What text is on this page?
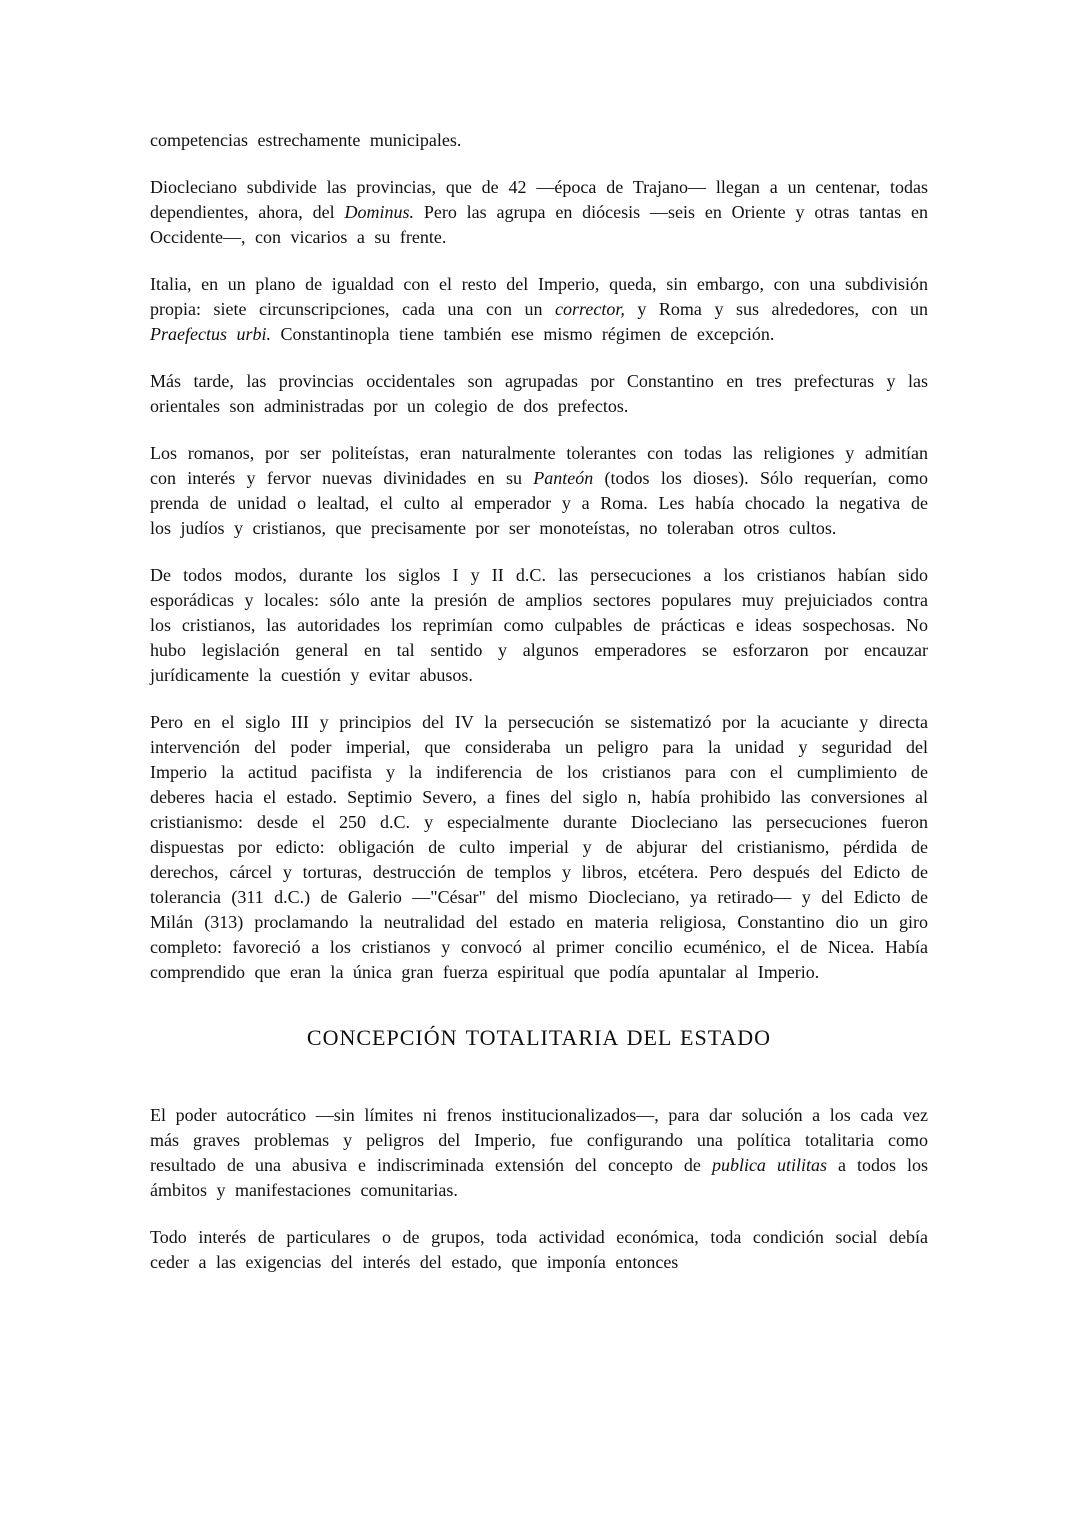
competencias estrechamente municipales.

Diocleciano subdivide las provincias, que de 42 —época de Trajano— llegan a un centenar, todas dependientes, ahora, del Dominus. Pero las agrupa en diócesis —seis en Oriente y otras tantas en Occidente—, con vicarios a su frente.

Italia, en un plano de igualdad con el resto del Imperio, queda, sin embargo, con una subdivisión propia: siete circunscripciones, cada una con un corrector, y Roma y sus alrededores, con un Praefectus urbi. Constantinopla tiene también ese mismo régimen de excepción.

Más tarde, las provincias occidentales son agrupadas por Constantino en tres prefecturas y las orientales son administradas por un colegio de dos prefectos.

Los romanos, por ser politeístas, eran naturalmente tolerantes con todas las religiones y admitían con interés y fervor nuevas divinidades en su Panteón (todos los dioses). Sólo requerían, como prenda de unidad o lealtad, el culto al emperador y a Roma. Les había chocado la negativa de los judíos y cristianos, que precisamente por ser monoteístas, no toleraban otros cultos.

De todos modos, durante los siglos I y II d.C. las persecuciones a los cristianos habían sido esporádicas y locales: sólo ante la presión de amplios sectores populares muy prejuiciados contra los cristianos, las autoridades los reprimían como culpables de prácticas e ideas sospechosas. No hubo legislación general en tal sentido y algunos emperadores se esforzaron por encauzar jurídicamente la cuestión y evitar abusos.

Pero en el siglo III y principios del IV la persecución se sistematizó por la acuciante y directa intervención del poder imperial, que consideraba un peligro para la unidad y seguridad del Imperio la actitud pacifista y la indiferencia de los cristianos para con el cumplimiento de deberes hacia el estado. Septimio Severo, a fines del siglo n, había prohibido las conversiones al cristianismo: desde el 250 d.C. y especialmente durante Diocleciano las persecuciones fueron dispuestas por edicto: obligación de culto imperial y de abjurar del cristianismo, pérdida de derechos, cárcel y torturas, destrucción de templos y libros, etcétera. Pero después del Edicto de tolerancia (311 d.C.) de Galerio —"César" del mismo Diocleciano, ya retirado— y del Edicto de Milán (313) proclamando la neutralidad del estado en materia religiosa, Constantino dio un giro completo: favoreció a los cristianos y convocó al primer concilio ecuménico, el de Nicea. Había comprendido que eran la única gran fuerza espiritual que podía apuntalar al Imperio.

CONCEPCIÓN TOTALITARIA DEL ESTADO

El poder autocrático —sin límites ni frenos institucionalizados—, para dar solución a los cada vez más graves problemas y peligros del Imperio, fue configurando una política totalitaria como resultado de una abusiva e indiscriminada extensión del concepto de publica utilitas a todos los ámbitos y manifestaciones comunitarias.

Todo interés de particulares o de grupos, toda actividad económica, toda condición social debía ceder a las exigencias del interés del estado, que imponía entonces
